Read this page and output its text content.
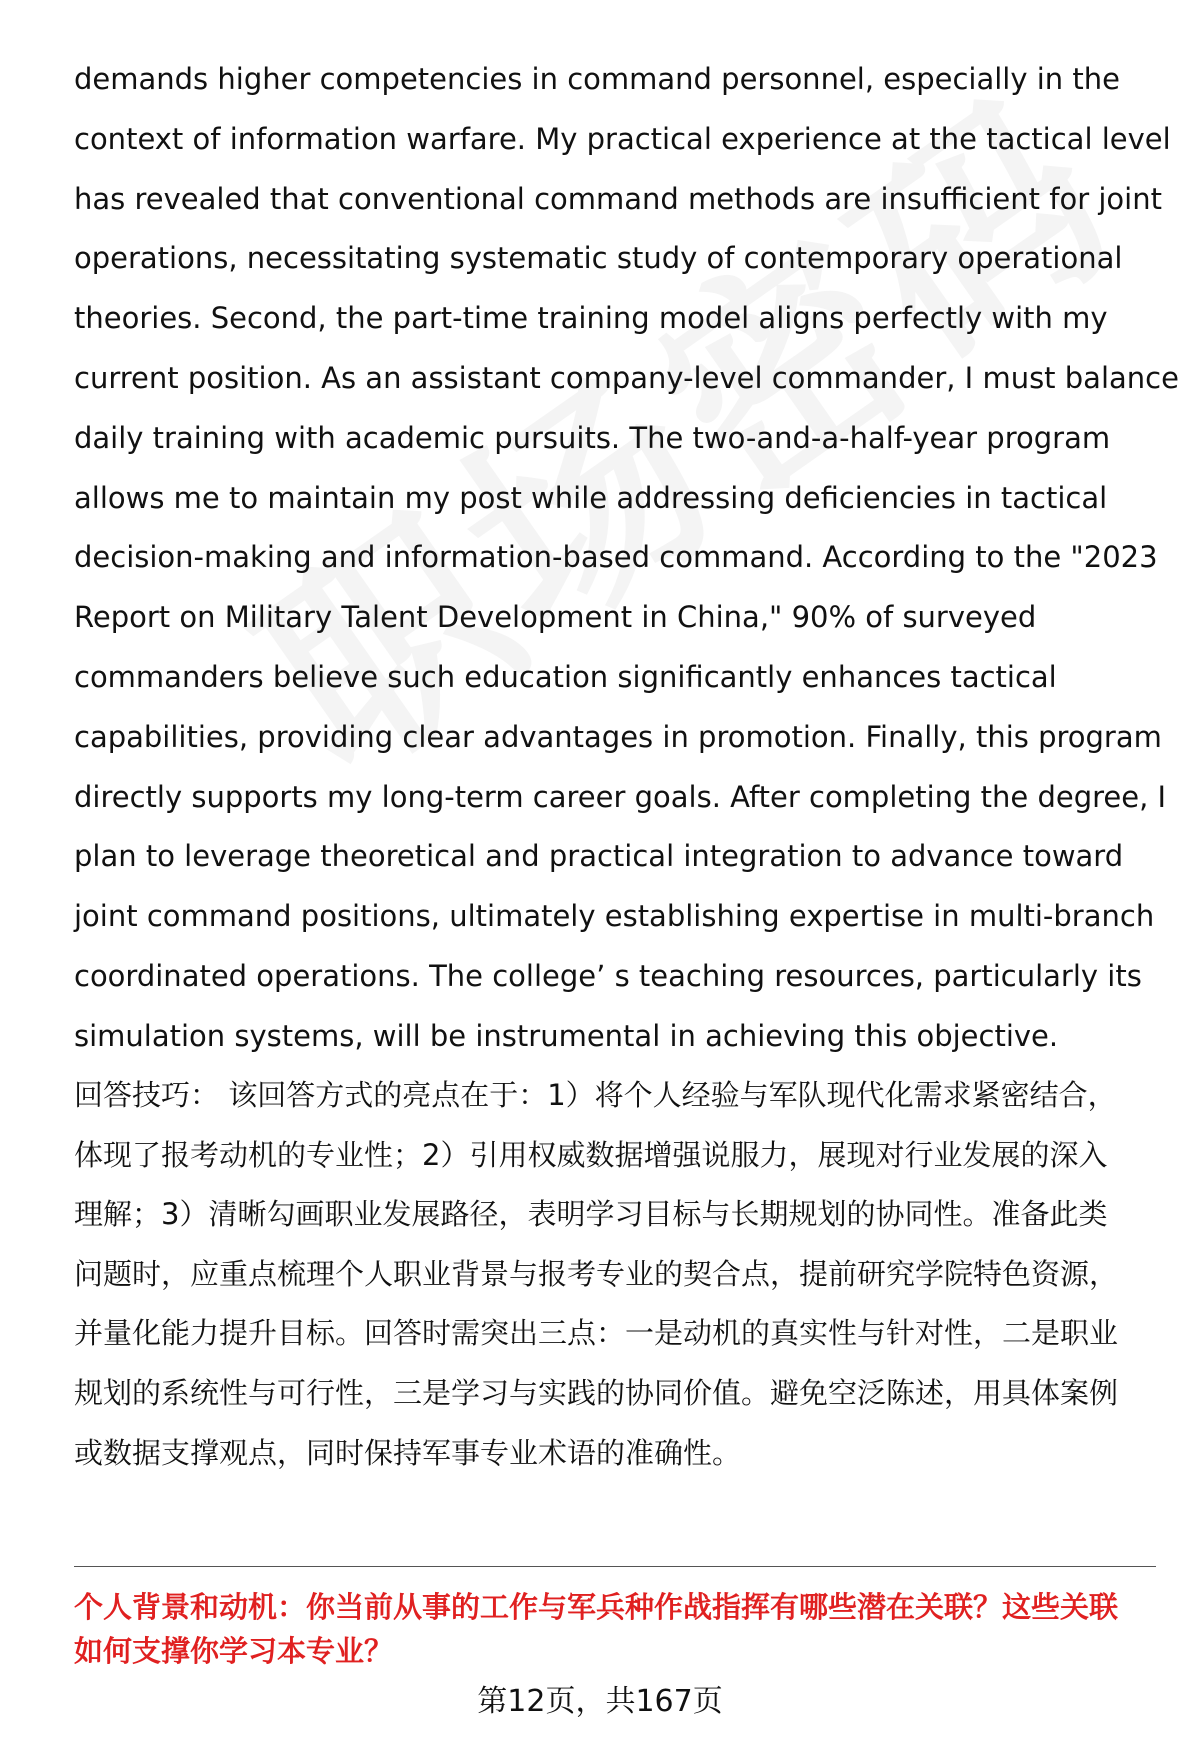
demands higher competencies in command personnel, especially in the
context of information warfare. My practical experience at the tactical level
has revealed that conventional command methods are insufficient for joint
operations, necessitating systematic study of contemporary operational
theories. Second, the part-time training model aligns perfectly with my
current position. As an assistant company-level commander, I must balance
daily training with academic pursuits. The two-and-a-half-year program
allows me to maintain my post while addressing deficiencies in tactical
decision-making and information-based command. According to the "2023
Report on Military Talent Development in China," 90% of surveyed
commanders believe such education significantly enhances tactical
capabilities, providing clear advantages in promotion. Finally, this program
directly supports my long-term career goals. After completing the degree, I
plan to leverage theoretical and practical integration to advance toward
joint command positions, ultimately establishing expertise in multi-branch
coordinated operations. The college’ s teaching resources, particularly its
simulation systems, will be instrumental in achieving this objective.
回答技巧： 该回答方式的亮点在于：1）将个人经验与军队现代化需求紧密结合，
体现了报考动机的专业性；2）引用权威数据增强说服力，展现对行业发展的深入
理解；3）清晰勾画职业发展路径，表明学习目标与长期规划的协同性。准备此类
问题时，应重点梳理个人职业背景与报考专业的契合点，提前研究学院特色资源，
并量化能力提升目标。回答时需突出三点：一是动机的真实性与针对性，二是职业
规划的系统性与可行性，三是学习与实践的协同价值。避免空泛陈述，用具体案例
或数据支撑观点，同时保持军事专业术语的准确性。
个人背景和动机：你当前从事的工作与军兵种作战指挥有哪些潜在关联？这些关联
如何支撑你学习本专业？
第12页，共167页
